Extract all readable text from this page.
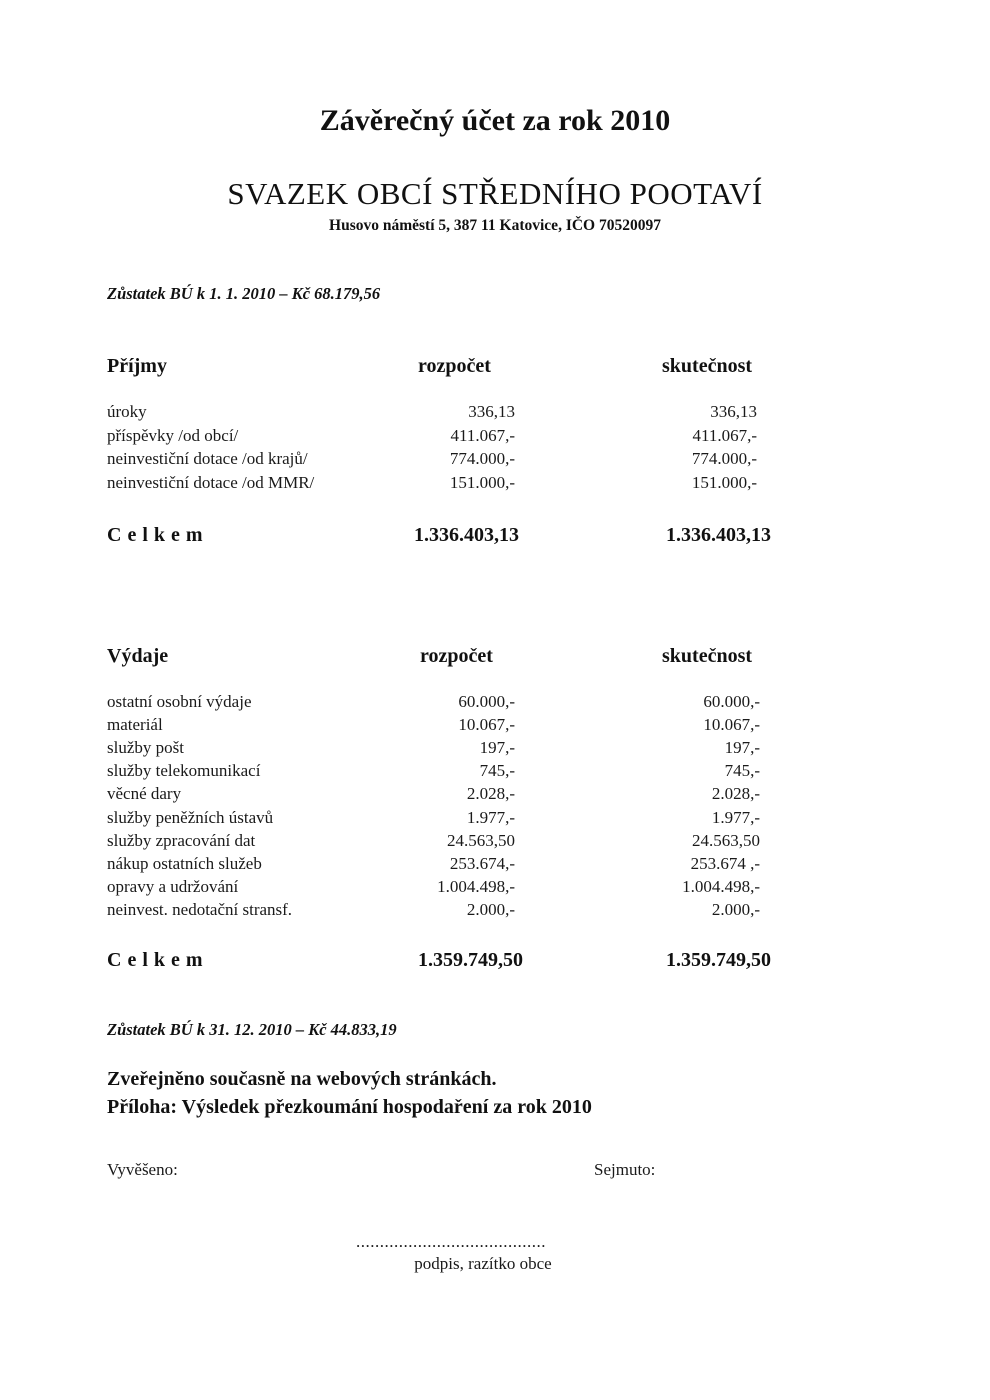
Závěrečný účet za rok 2010
SVAZEK OBCÍ STŘEDNÍHO POOTAVÍ
Husovo náměstí 5, 387 11 Katovice, IČO 70520097
Zůstatek BÚ k 1. 1. 2010 – Kč 68.179,56
Příjmy	rozpočet	skutečnost
úroky	336,13	336,13
příspěvky /od obcí/	411.067,-	411.067,-
neinvestiční dotace /od krajů/	774.000,-	774.000,-
neinvestiční dotace /od MMR/	151.000,-	151.000,-
Celkem	1.336.403,13	1.336.403,13
Výdaje	rozpočet	skutečnost
ostatní osobní výdaje	60.000,-	60.000,-
materiál	10.067,-	10.067,-
služby pošt	197,-	197,-
služby telekomunikací	745,-	745,-
věcné dary	2.028,-	2.028,-
služby peněžních ústavů	1.977,-	1.977,-
služby zpracování dat	24.563,50	24.563,50
nákup ostatních služeb	253.674,-	253.674 ,-
opravy a udržování	1.004.498,-	1.004.498,-
neinvest. nedotační stransf.	2.000,-	2.000,-
Celkem	1.359.749,50	1.359.749,50
Zůstatek BÚ k 31. 12. 2010 – Kč 44.833,19
Zveřejněno současně na webových stránkách.
Příloha: Výsledek přezkoumání hospodaření za rok 2010
Vyvěšeno:	Sejmuto:
........................................
podpis, razítko obce
